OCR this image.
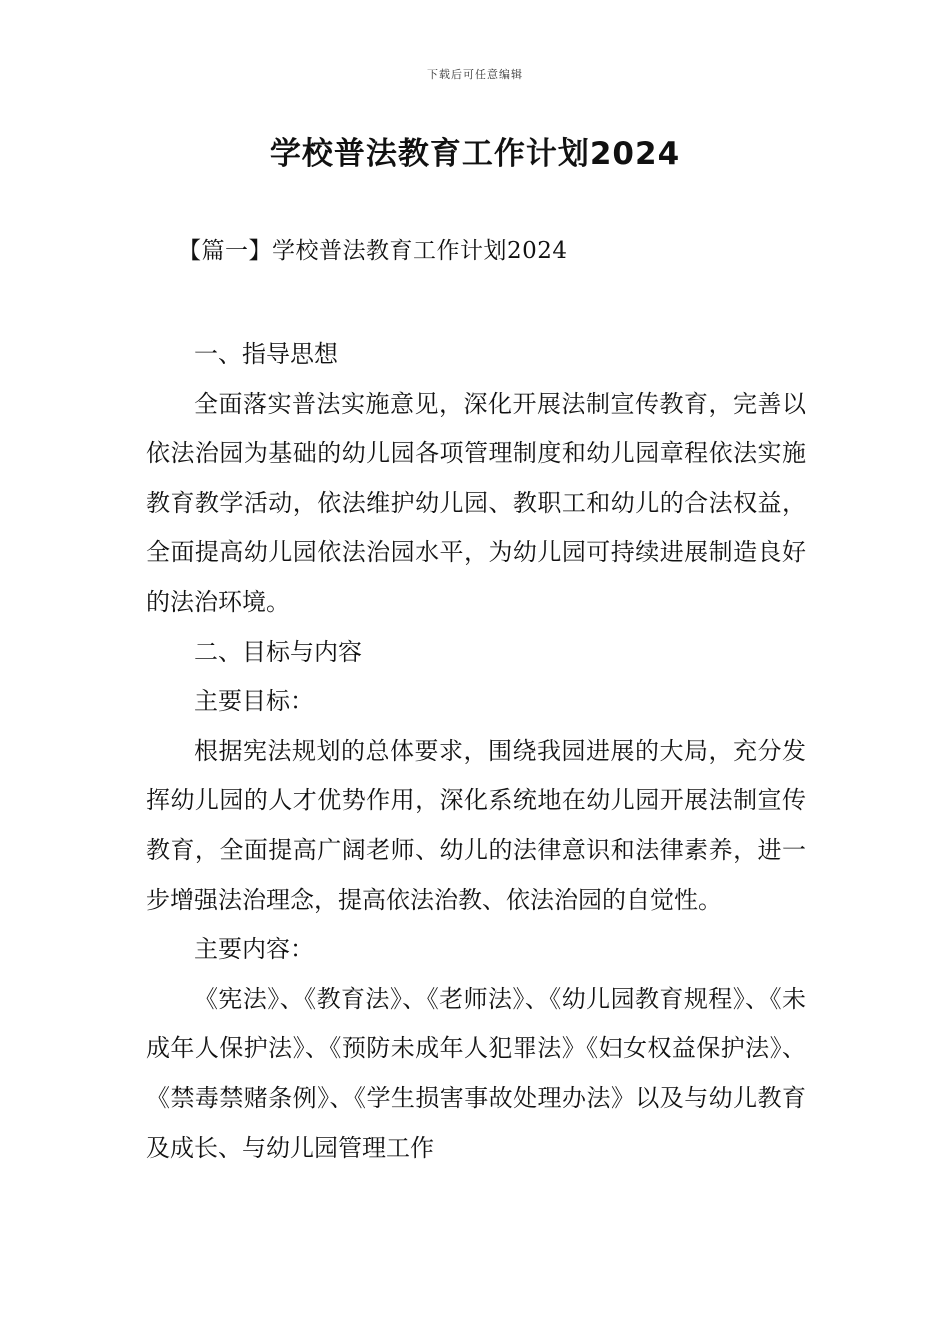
下载后可任意编辑
学校普法教育工作计划2024
【篇一】学校普法教育工作计划2024

一、指导思想

全面落实普法实施意见，深化开展法制宣传教育，完善以依法治园为基础的幼儿园各项管理制度和幼儿园章程依法实施教育教学活动，依法维护幼儿园、教职工和幼儿的合法权益，全面提高幼儿园依法治园水平，为幼儿园可持续进展制造良好的法治环境。

二、目标与内容

主要目标：

根据宪法规划的总体要求，围绕我园进展的大局，充分发挥幼儿园的人才优势作用，深化系统地在幼儿园开展法制宣传教育，全面提高广阔老师、幼儿的法律意识和法律素养，进一步增强法治理念，提高依法治教、依法治园的自觉性。

主要内容：

《宪法》、《教育法》、《老师法》、《幼儿园教育规程》、《未成年人保护法》、《预防未成年人犯罪法》《妇女权益保护法》、《禁毒禁赌条例》、《学生损害事故处理办法》以及与幼儿教育及成长、与幼儿园管理工作
